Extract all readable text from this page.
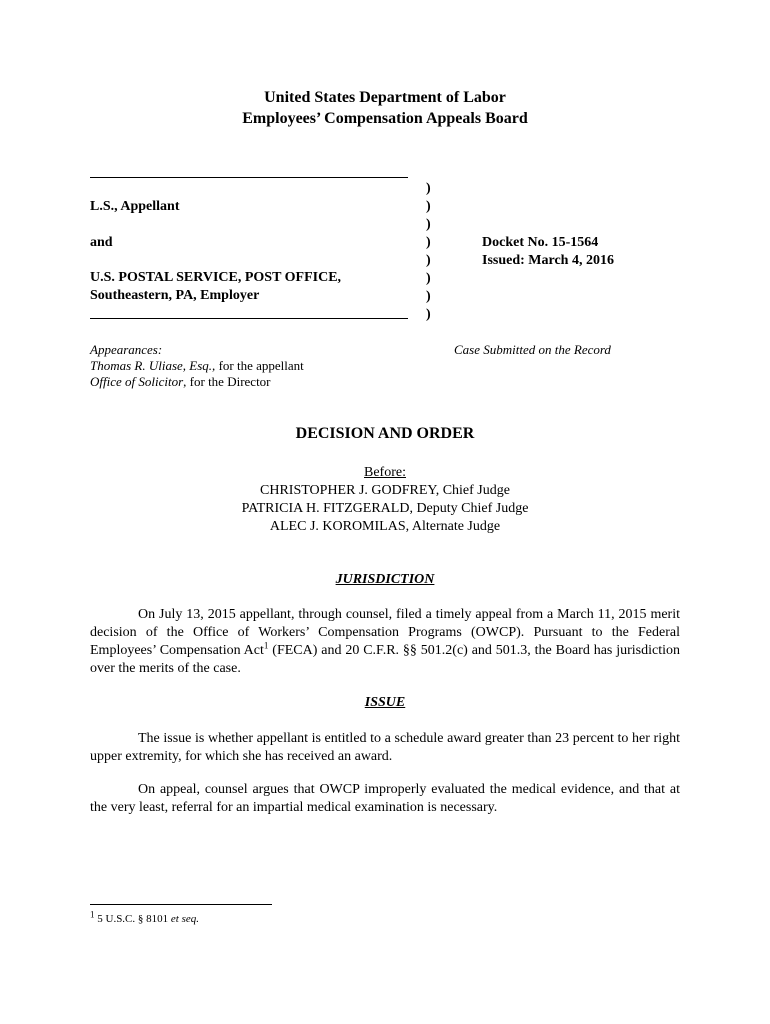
United States Department of Labor
Employees’ Compensation Appeals Board
L.S., Appellant
and
U.S. POSTAL SERVICE, POST OFFICE,
Southeastern, PA, Employer
)
)
)
)
)
)
)
)
Docket No. 15-1564
Issued: March 4, 2016
Appearances:
Thomas R. Uliase, Esq., for the appellant
Office of Solicitor, for the Director
Case Submitted on the Record
DECISION AND ORDER
Before:
CHRISTOPHER J. GODFREY, Chief Judge
PATRICIA H. FITZGERALD, Deputy Chief Judge
ALEC J. KOROMILAS, Alternate Judge
JURISDICTION
On July 13, 2015 appellant, through counsel, filed a timely appeal from a March 11, 2015 merit decision of the Office of Workers’ Compensation Programs (OWCP). Pursuant to the Federal Employees’ Compensation Act$^1$ (FECA) and 20 C.F.R. §§ 501.2(c) and 501.3, the Board has jurisdiction over the merits of the case.
ISSUE
The issue is whether appellant is entitled to a schedule award greater than 23 percent to her right upper extremity, for which she has received an award.
On appeal, counsel argues that OWCP improperly evaluated the medical evidence, and that at the very least, referral for an impartial medical examination is necessary.
$^1$ 5 U.S.C. § 8101 et seq.
